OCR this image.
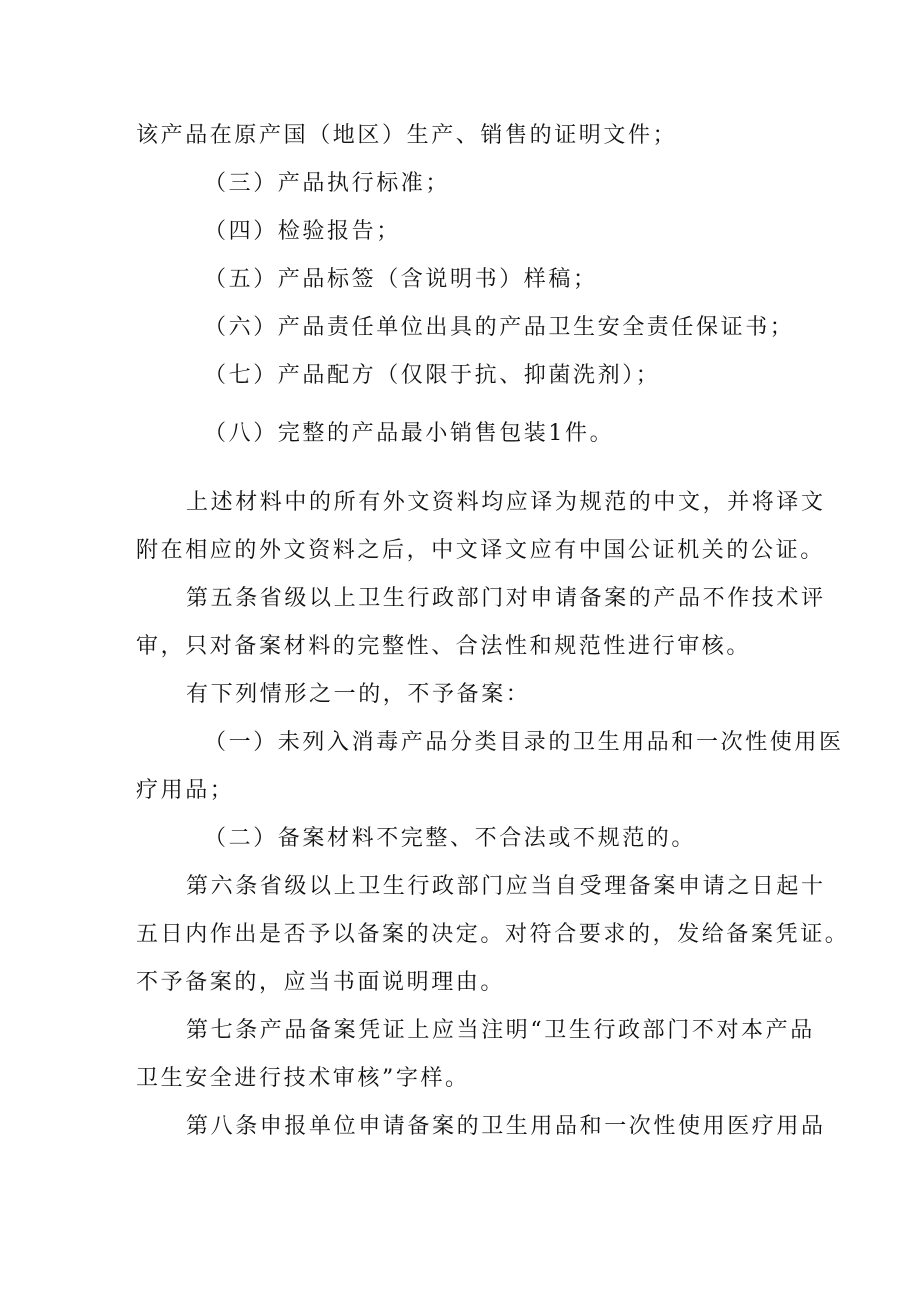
该产品在原产国（地区）生产、销售的证明文件；
（三）产品执行标准；
（四）检验报告；
（五）产品标签（含说明书）样稿；
（六）产品责任单位出具的产品卫生安全责任保证书；
（七）产品配方（仅限于抗、抑菌洗剂）；
（八）完整的产品最小销售包装1件。
上述材料中的所有外文资料均应译为规范的中文，并将译文
附在相应的外文资料之后，中文译文应有中国公证机关的公证。
第五条省级以上卫生行政部门对申请备案的产品不作技术评
审，只对备案材料的完整性、合法性和规范性进行审核。
有下列情形之一的，不予备案：
（一）未列入消毒产品分类目录的卫生用品和一次性使用医
疗用品；
（二）备案材料不完整、不合法或不规范的。
第六条省级以上卫生行政部门应当自受理备案申请之日起十
五日内作出是否予以备案的决定。对符合要求的，发给备案凭证。
不予备案的，应当书面说明理由。
第七条产品备案凭证上应当注明“卫生行政部门不对本产品
卫生安全进行技术审核”字样。
第八条申报单位申请备案的卫生用品和一次性使用医疗用品
